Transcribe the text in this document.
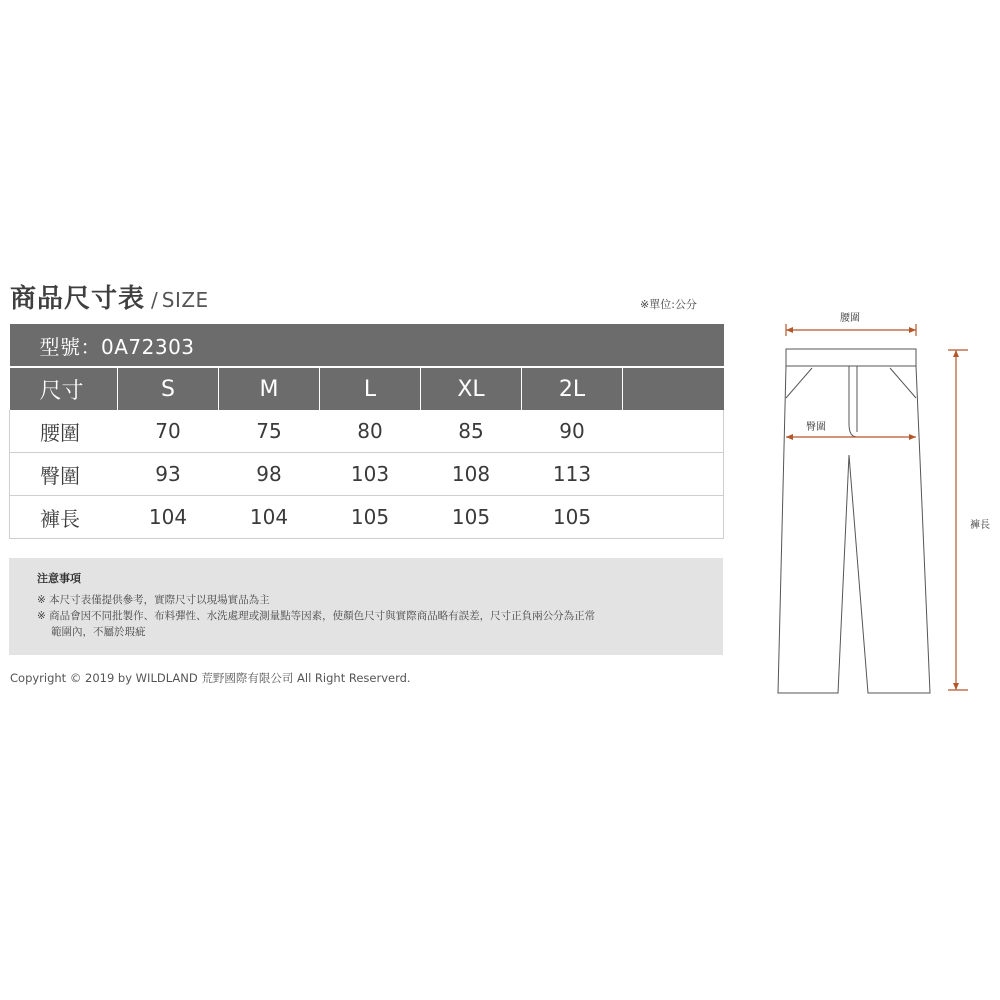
商品尺寸表 / SIZE	※單位:公分
型號：0A72303						
尺寸	S	M	L	XL	2L	
腰圍	70	75	80	85	90	
臀圍	93	98	103	108	113	
褲長	104	104	105	105	105	
注意事項
※ 本尺寸表僅提供參考，實際尺寸以現場實品為主
※ 商品會因不同批製作、布料彈性、水洗處理或測量點等因素，使顏色尺寸與實際商品略有誤差，尺寸正負兩公分為正常
範圍內，不屬於瑕疵
Copyright © 2019 by WILDLAND 荒野國際有限公司 All Right Reserverd.
腰圍
臀圍
褲長
